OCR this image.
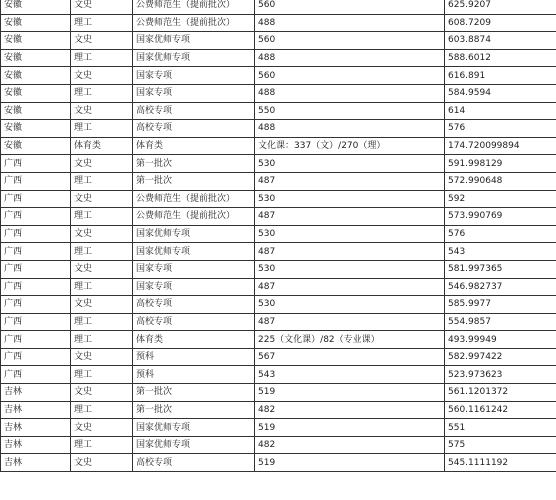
安徽	文史	公费师范生（提前批次）	560	625.9207
安徽	理工	公费师范生（提前批次）	488	608.7209
安徽	文史	国家优师专项	560	603.8874
安徽	理工	国家优师专项	488	588.6012
安徽	文史	国家专项	560	616.891
安徽	理工	国家专项	488	584.9594
安徽	文史	高校专项	550	614
安徽	理工	高校专项	488	576
安徽	体育类	体育类	文化课：337（文）/270（理）	174.720099894
广西	文史	第一批次	530	591.998129
广西	理工	第一批次	487	572.990648
广西	文史	公费师范生（提前批次）	530	592
广西	理工	公费师范生（提前批次）	487	573.990769
广西	文史	国家优师专项	530	576
广西	理工	国家优师专项	487	543
广西	文史	国家专项	530	581.997365
广西	理工	国家专项	487	546.982737
广西	文史	高校专项	530	585.9977
广西	理工	高校专项	487	554.9857
广西	理工	体育类	225（文化课）/82（专业课）	493.99949
广西	文史	预科	567	582.997422
广西	理工	预科	543	523.973623
吉林	文史	第一批次	519	561.1201372
吉林	理工	第一批次	482	560.1161242
吉林	文史	国家优师专项	519	551
吉林	理工	国家优师专项	482	575
吉林	文史	高校专项	519	545.1111192
